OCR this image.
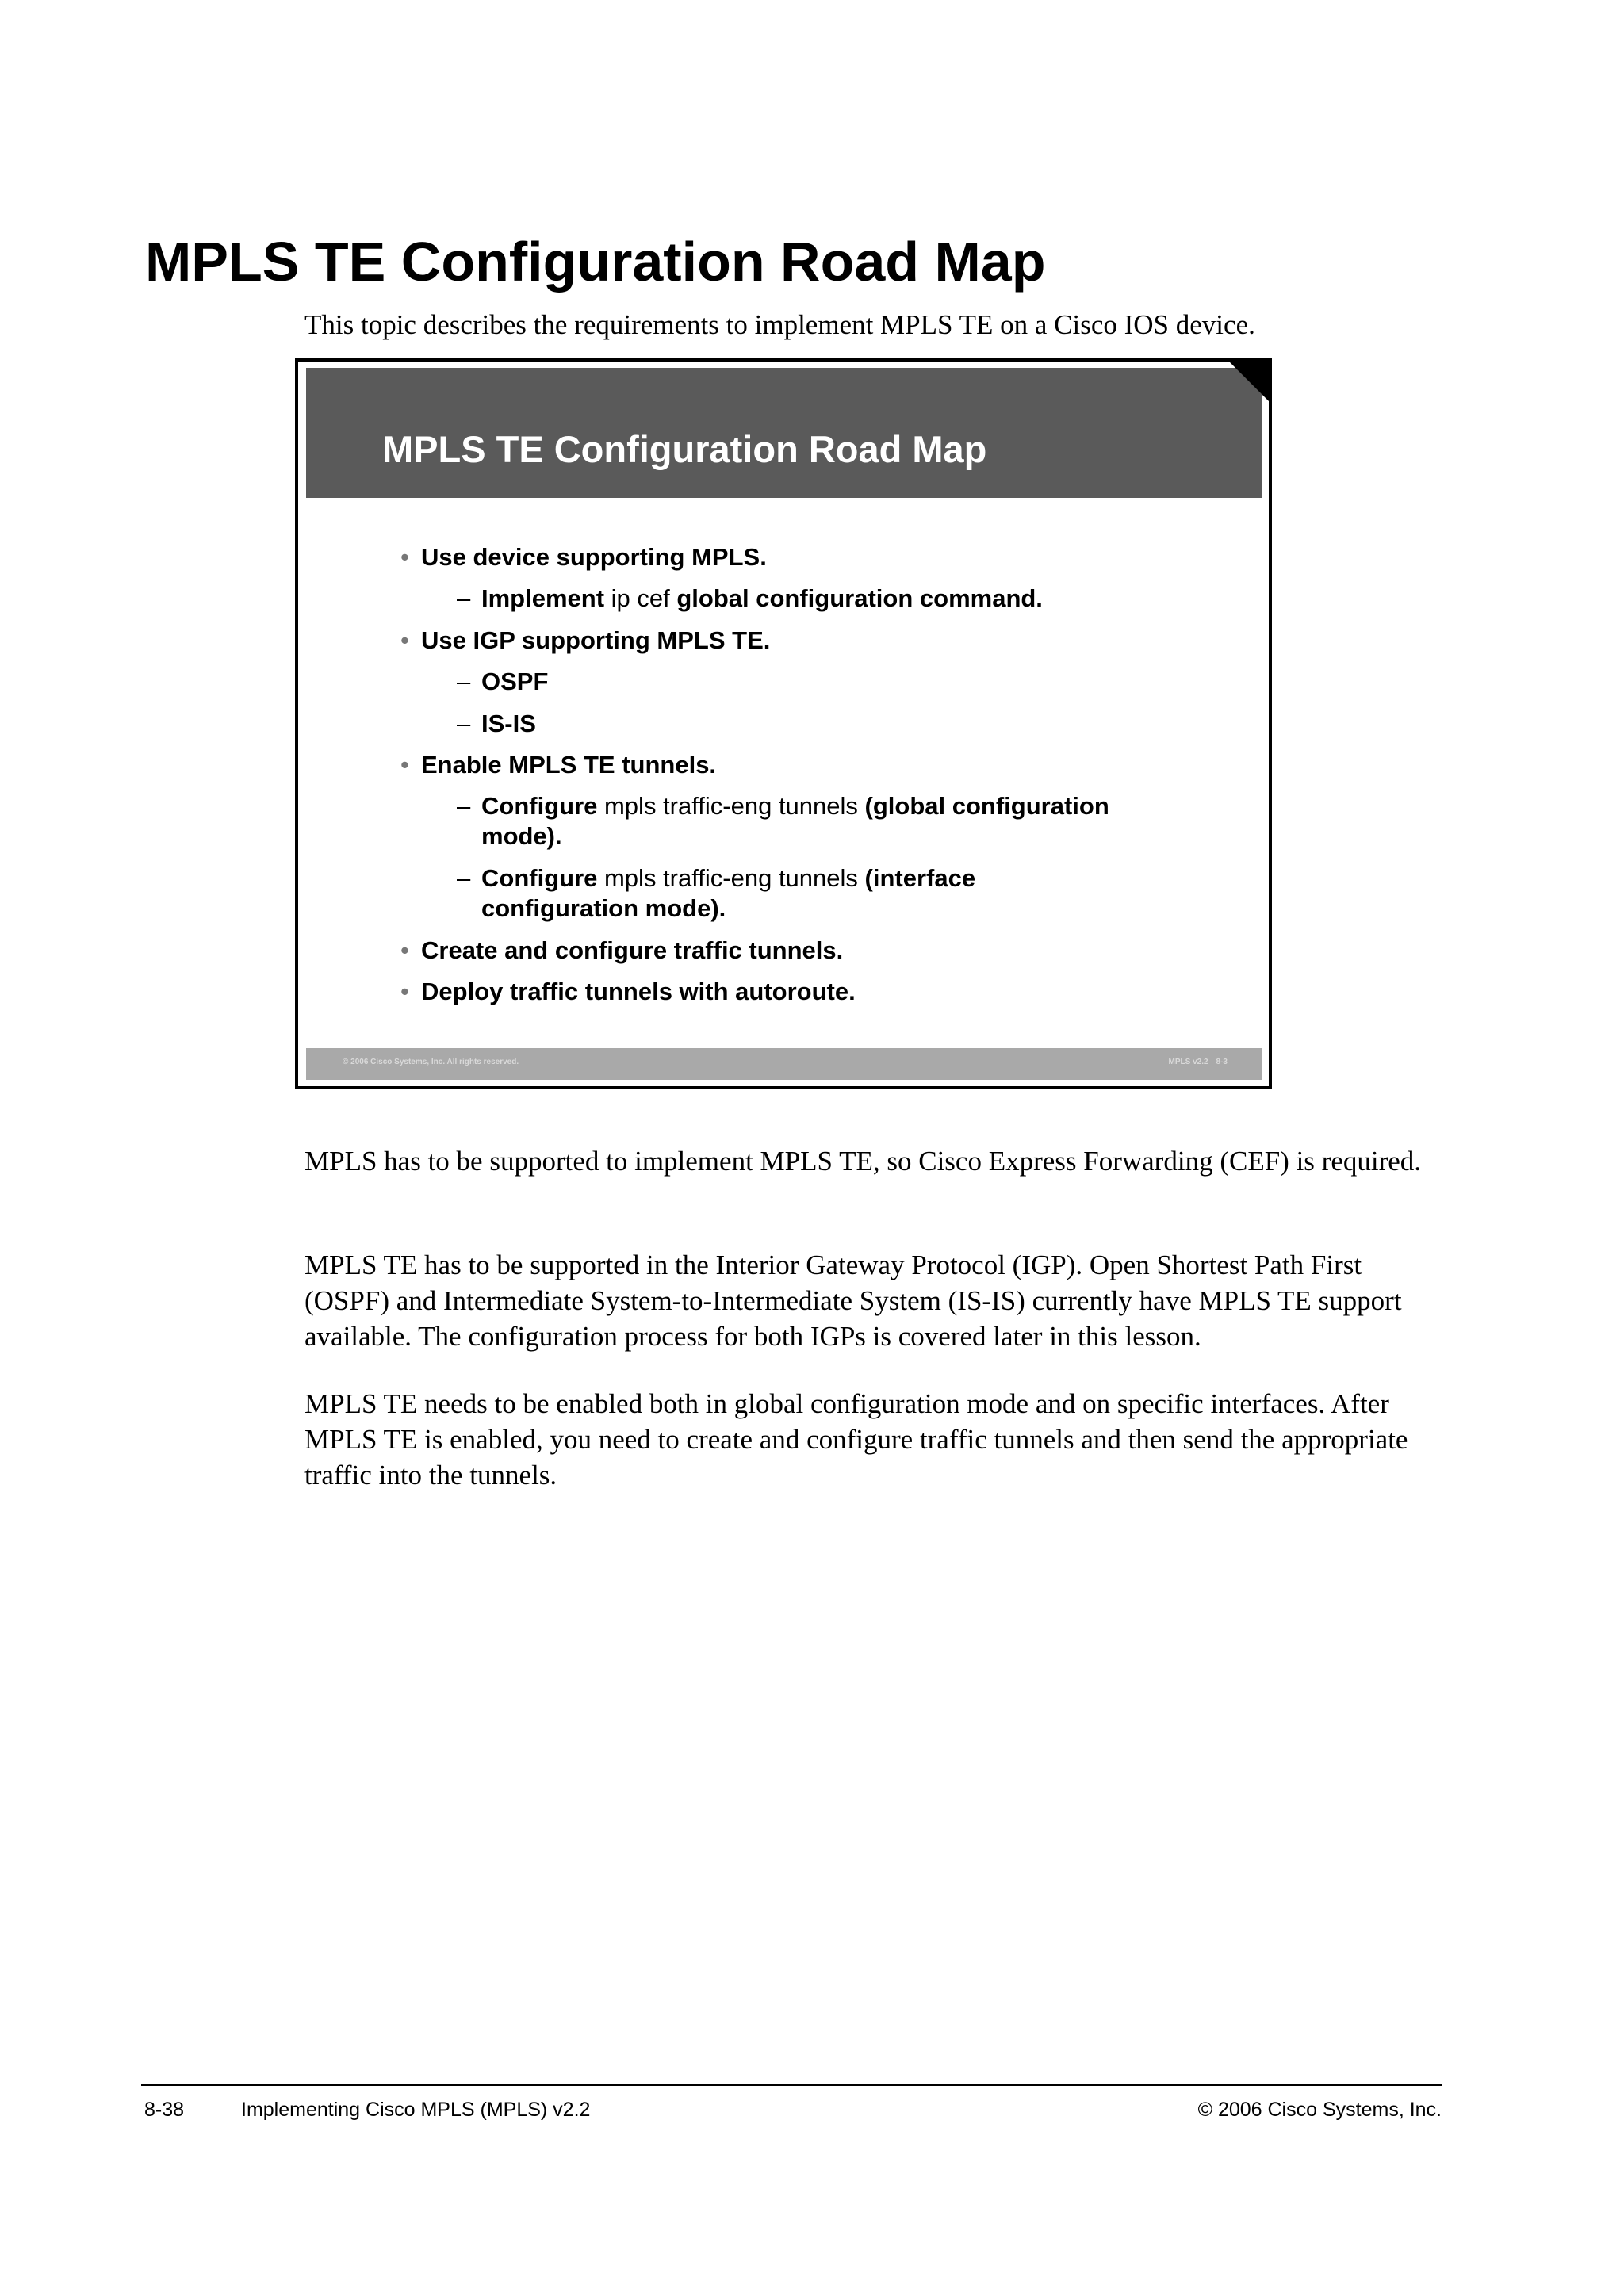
MPLS TE Configuration Road Map

This topic describes the requirements to implement MPLS TE on a Cisco IOS device.

MPLS TE Configuration Road Map
• Use device supporting MPLS.
– Implement ip cef global configuration command.
• Use IGP supporting MPLS TE.
– OSPF
– IS-IS
• Enable MPLS TE tunnels.
– Configure mpls traffic-eng tunnels (global configuration mode).
– Configure mpls traffic-eng tunnels (interface configuration mode).
• Create and configure traffic tunnels.
• Deploy traffic tunnels with autoroute.
© 2006 Cisco Systems, Inc. All rights reserved.	MPLS v2.2—8-3

MPLS has to be supported to implement MPLS TE, so Cisco Express Forwarding (CEF) is required.

MPLS TE has to be supported in the Interior Gateway Protocol (IGP). Open Shortest Path First (OSPF) and Intermediate System-to-Intermediate System (IS-IS) currently have MPLS TE support available. The configuration process for both IGPs is covered later in this lesson.

MPLS TE needs to be enabled both in global configuration mode and on specific interfaces. After MPLS TE is enabled, you need to create and configure traffic tunnels and then send the appropriate traffic into the tunnels.

8-38	Implementing Cisco MPLS (MPLS) v2.2	© 2006 Cisco Systems, Inc.
